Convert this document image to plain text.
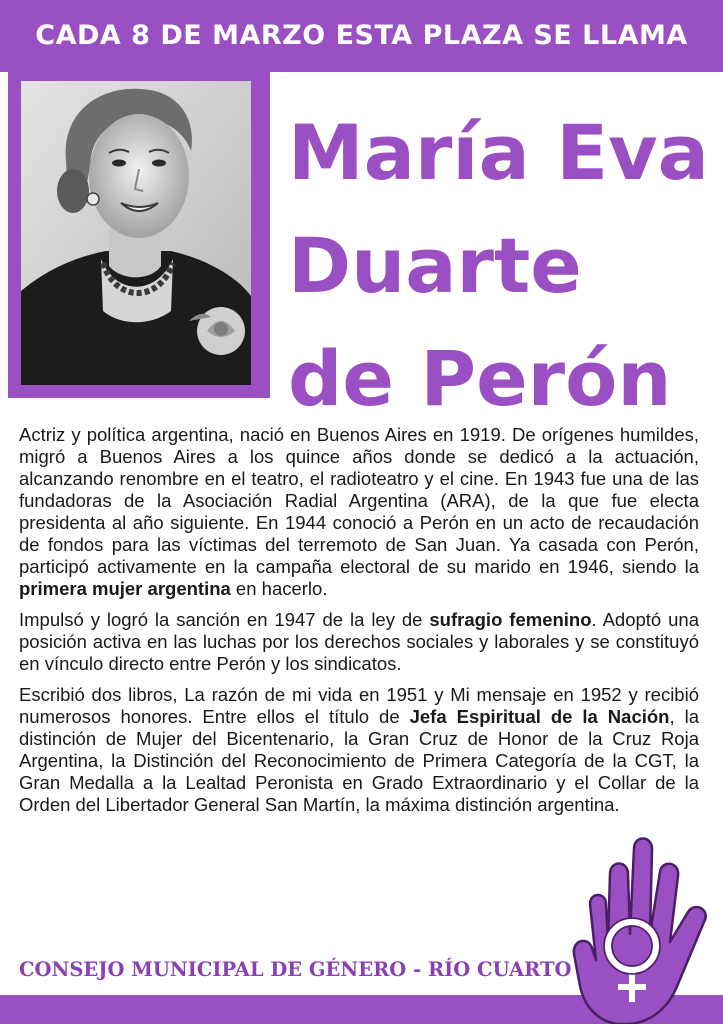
CADA 8 DE MARZO ESTA PLAZA SE LLAMA
María Eva
Duarte
de Perón

Actriz y política argentina, nació en Buenos Aires en 1919. De orígenes humildes, migró a Buenos Aires a los quince años donde se dedicó a la actuación, alcanzando renombre en el teatro, el radioteatro y el cine. En 1943 fue una de las fundadoras de la Asociación Radial Argentina (ARA), de la que fue electa presidenta al año siguiente. En 1944 conoció a Perón en un acto de recaudación de fondos para las víctimas del terremoto de San Juan. Ya casada con Perón, participó activamente en la campaña electoral de su marido en 1946, siendo la primera mujer argentina en hacerlo.

Impulsó y logró la sanción en 1947 de la ley de sufragio femenino. Adoptó una posición activa en las luchas por los derechos sociales y laborales y se constituyó en vínculo directo entre Perón y los sindicatos.

Escribió dos libros, La razón de mi vida en 1951 y Mi mensaje en 1952 y recibió numerosos honores. Entre ellos el título de Jefa Espiritual de la Nación, la distinción de Mujer del Bicentenario, la Gran Cruz de Honor de la Cruz Roja Argentina, la Distinción del Reconocimiento de Primera Categoría de la CGT, la Gran Medalla a la Lealtad Peronista en Grado Extraordinario y el Collar de la Orden del Libertador General San Martín, la máxima distinción argentina.

CONSEJO MUNICIPAL DE GÉNERO - RÍO CUARTO
